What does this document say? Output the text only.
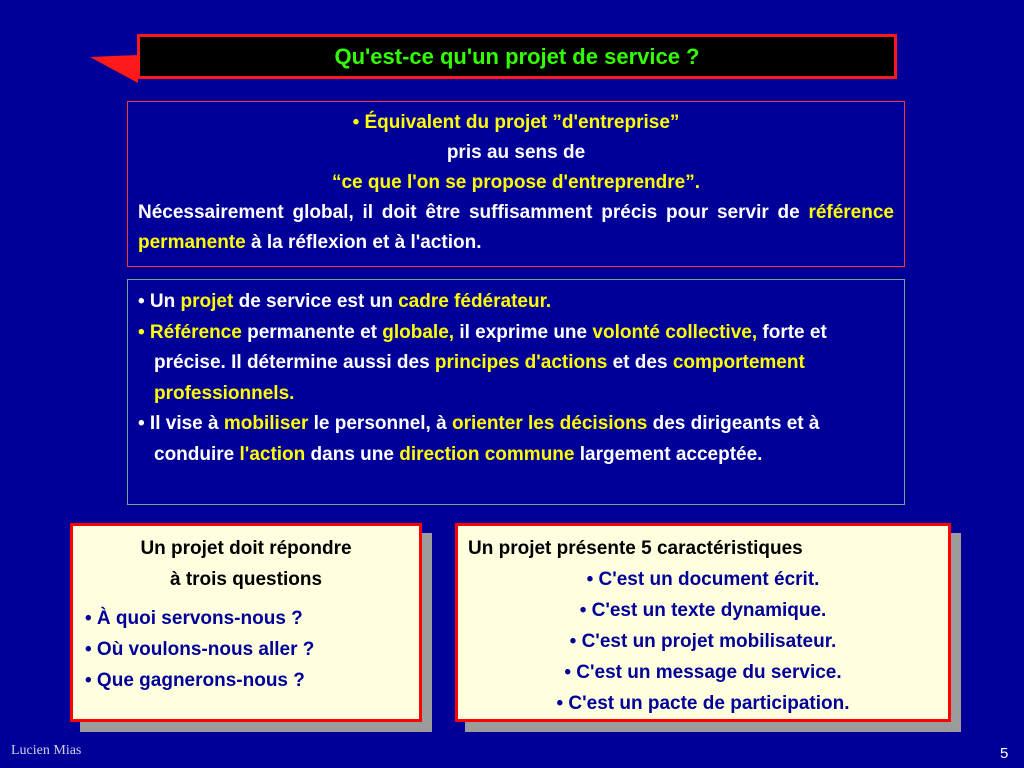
Qu'est-ce qu'un projet de service ?
• Équivalent du projet ”d'entreprise”
pris au sens de
“ce que l'on se propose d'entreprendre”.
Nécessairement global, il doit être suffisamment précis pour servir de référence permanente à la réflexion et à l'action.

• Un projet de service est un cadre fédérateur.

• Référence permanente et globale, il exprime une volonté collective, forte et précise. Il détermine aussi des principes d'actions et des comportement professionnels.

• Il vise à mobiliser le personnel, à orienter les décisions des dirigeants et à conduire l'action dans une direction commune largement acceptée.

Un projet doit répondre
à trois questions
• À quoi servons-nous ?
• Où voulons-nous aller ?
• Que gagnerons-nous ?
Un projet présente 5 caractéristiques
• C'est un document écrit.
• C'est un texte dynamique.
• C'est un projet mobilisateur.
• C'est un message du service.
• C'est un pacte de participation.
Lucien Mias	5
